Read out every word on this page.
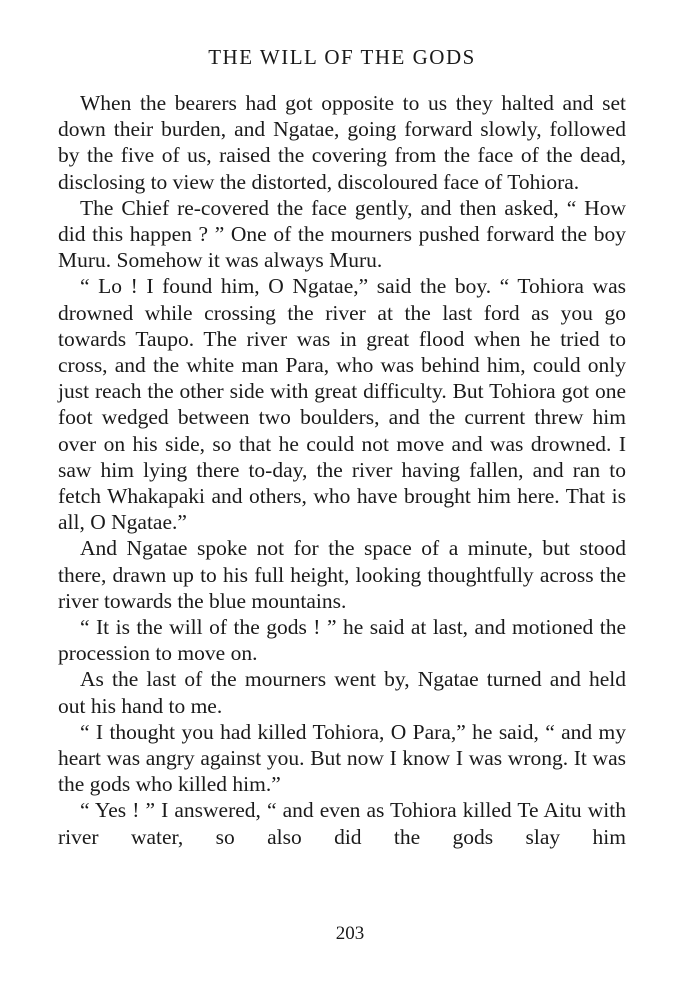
THE WILL OF THE GODS

When the bearers had got opposite to us they halted and set down their burden, and Ngatae, going forward slowly, followed by the five of us, raised the covering from the face of the dead, disclosing to view the distorted, discoloured face of Tohiora.

The Chief re-covered the face gently, and then asked, “ How did this happen ? ” One of the mourners pushed forward the boy Muru. Somehow it was always Muru.

“ Lo ! I found him, O Ngatae,” said the boy. “ Tohiora was drowned while crossing the river at the last ford as you go towards Taupo. The river was in great flood when he tried to cross, and the white man Para, who was behind him, could only just reach the other side with great difficulty. But Tohiora got one foot wedged between two boulders, and the current threw him over on his side, so that he could not move and was drowned. I saw him lying there to-day, the river having fallen, and ran to fetch Whakapaki and others, who have brought him here. That is all, O Ngatae.”

And Ngatae spoke not for the space of a minute, but stood there, drawn up to his full height, looking thoughtfully across the river towards the blue mountains.

“ It is the will of the gods ! ” he said at last, and motioned the procession to move on.

As the last of the mourners went by, Ngatae turned and held out his hand to me.

“ I thought you had killed Tohiora, O Para,” he said, “ and my heart was angry against you. But now I know I was wrong. It was the gods who killed him.”

“ Yes ! ” I answered, “ and even as Tohiora killed Te Aitu with river water, so also did the gods slay him

203
